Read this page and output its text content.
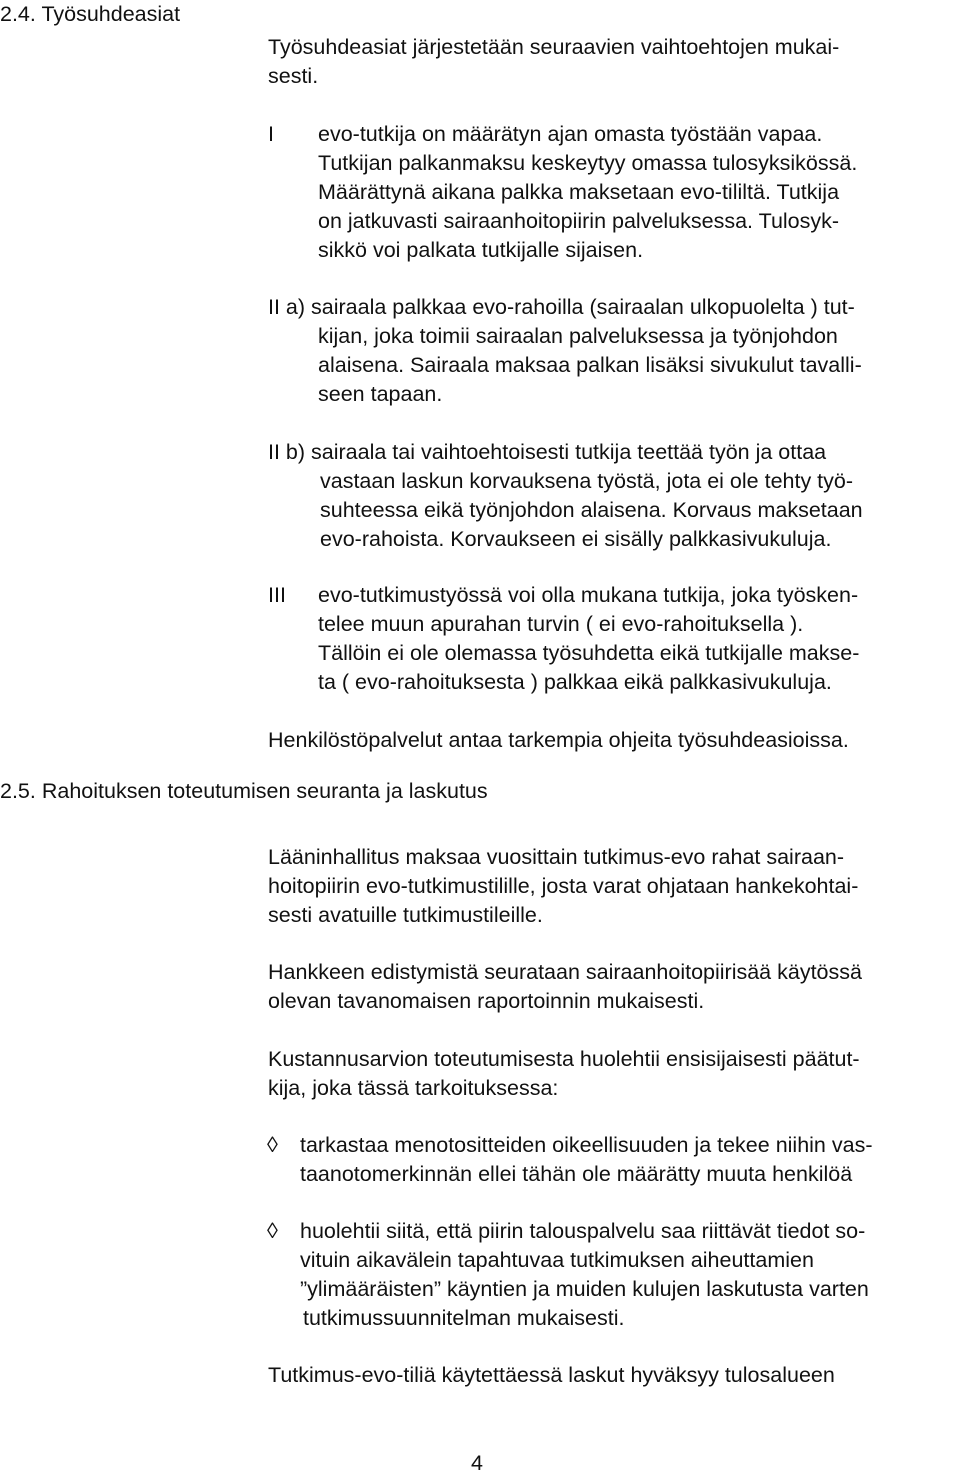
2.4. Työsuhdeasiat
Työsuhdeasiat järjestetään seuraavien vaihtoehtojen mukai-
sesti.
I evo-tutkija on määrätyn ajan omasta työstään vapaa.
Tutkijan palkanmaksu keskeytyy omassa tulosyksikössä.
Määrättynä aikana palkka maksetaan evo-tililtä. Tutkija
on jatkuvasti sairaanhoitopiirin palveluksessa. Tulosyk-
sikkö voi palkata tutkijalle sijaisen.
II a) sairaala palkkaa evo-rahoilla (sairaalan ulkopuolelta ) tut-
kijan, joka toimii sairaalan palveluksessa ja työnjohdon
alaisena. Sairaala maksaa palkan lisäksi sivukulut tavalli-
seen tapaan.
II b) sairaala tai vaihtoehtoisesti tutkija teettää työn ja ottaa
vastaan laskun korvauksena työstä, jota ei ole tehty työ-
suhteessa eikä työnjohdon alaisena. Korvaus maksetaan
evo-rahoista. Korvaukseen ei sisälly palkkasivukuluja.
III evo-tutkimustyössä voi olla mukana tutkija, joka työsken-
telee muun apurahan turvin ( ei evo-rahoituksella ).
Tällöin ei ole olemassa työsuhdetta eikä tutkijalle makse-
ta ( evo-rahoituksesta ) palkkaa eikä palkkasivukuluja.
Henkilöstöpalvelut antaa tarkempia ohjeita työsuhdeasioissa.
2.5. Rahoituksen toteutumisen seuranta ja laskutus
Lääninhallitus maksaa vuosittain tutkimus-evo rahat sairaan-
hoitopiirin evo-tutkimustilille, josta varat ohjataan hankekohtai-
sesti avatuille tutkimustileille.
Hankkeen edistymistä seurataan sairaanhoitopiirisää käytössä
olevan tavanomaisen raportoinnin mukaisesti.
Kustannusarvion toteutumisesta huolehtii ensisijaisesti päätut-
kija, joka tässä tarkoituksessa:
◊ tarkastaa menotositteiden oikeellisuuden ja tekee niihin vas-
taanotomerkinnän ellei tähän ole määrätty muuta henkilöä
◊ huolehtii siitä, että piirin talouspalvelu saa riittävät tiedot so-
vituin aikavälein tapahtuvaa tutkimuksen aiheuttamien
”ylimääräisten” käyntien ja muiden kulujen laskutusta varten
tutkimussuunnitelman mukaisesti.
Tutkimus-evo-tiliä käytettäessä laskut hyväksyy tulosalueen
4
